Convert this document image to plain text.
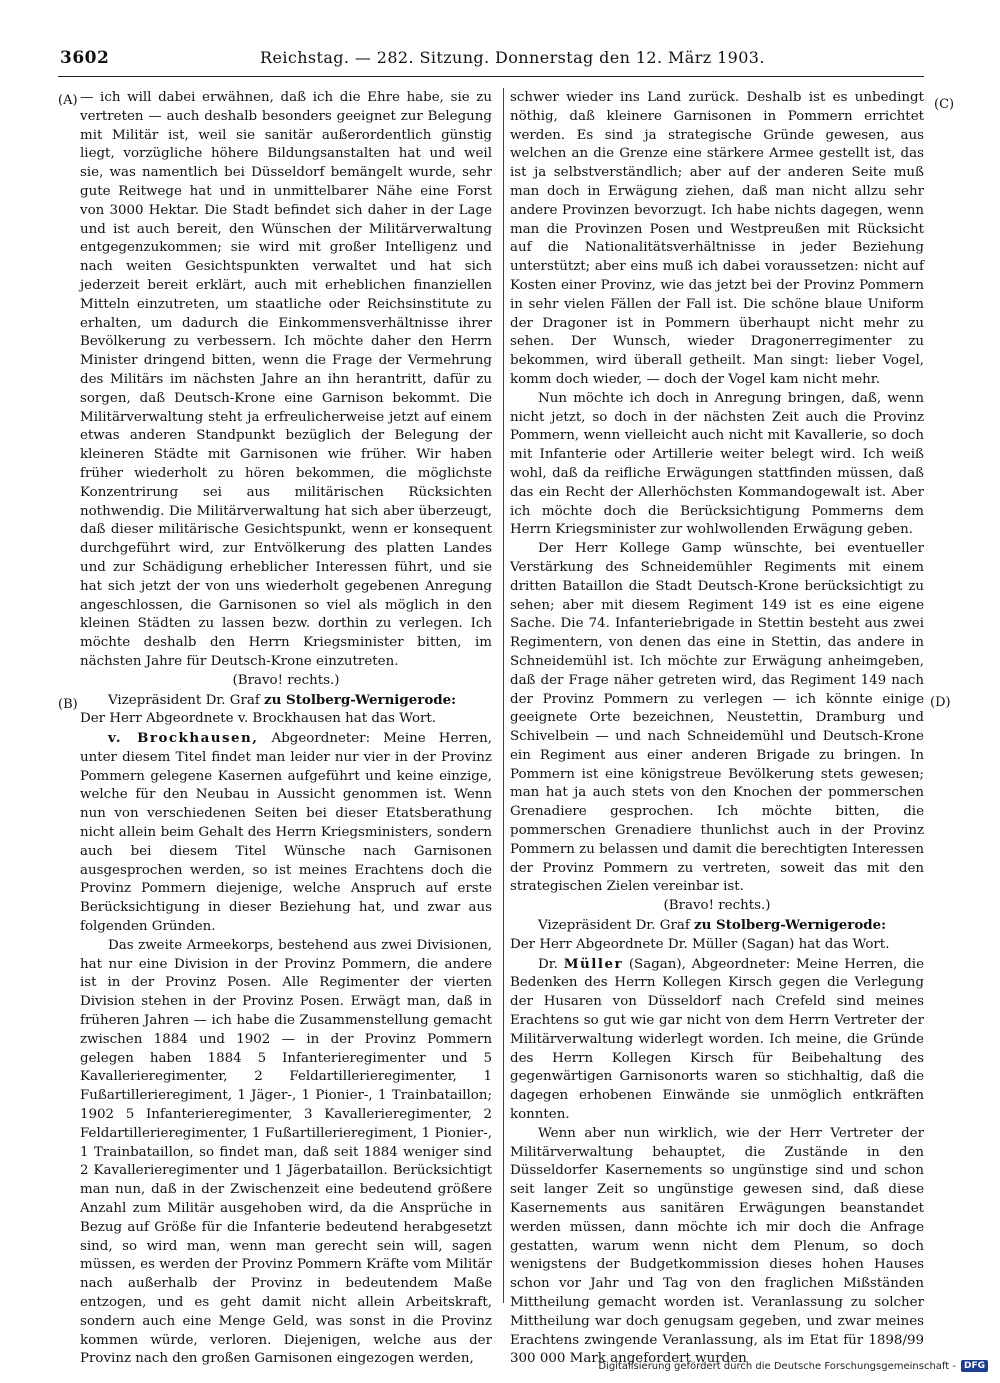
3602	Reichstag. — 282. Sitzung. Donnerstag den 12. März 1903.
(A)
(B)
(C)
(D)

— ich will dabei erwähnen, daß ich die Ehre habe, sie zu vertreten — auch deshalb besonders geeignet zur Belegung mit Militär ist, weil sie sanitär außerordentlich günstig liegt, vorzügliche höhere Bildungsanstalten hat und weil sie, was namentlich bei Düsseldorf bemängelt wurde, sehr gute Reitwege hat und in unmittelbarer Nähe eine Forst von 3000 Hektar. Die Stadt befindet sich daher in der Lage und ist auch bereit, den Wünschen der Militärverwaltung entgegenzukommen; sie wird mit großer Intelligenz und nach weiten Gesichtspunkten verwaltet und hat sich jederzeit bereit erklärt, auch mit erheblichen finanziellen Mitteln einzutreten, um staatliche oder Reichsinstitute zu erhalten, um dadurch die Einkommensverhältnisse ihrer Bevölkerung zu verbessern. Ich möchte daher den Herrn Minister dringend bitten, wenn die Frage der Vermehrung des Militärs im nächsten Jahre an ihn herantritt, dafür zu sorgen, daß Deutsch-Krone eine Garnison bekommt. Die Militärverwaltung steht ja erfreulicherweise jetzt auf einem etwas anderen Standpunkt bezüglich der Belegung der kleineren Städte mit Garnisonen wie früher. Wir haben früher wiederholt zu hören bekommen, die möglichste Konzentrirung sei aus militärischen Rücksichten nothwendig. Die Militärverwaltung hat sich aber überzeugt, daß dieser militärische Gesichtspunkt, wenn er konsequent durchgeführt wird, zur Entvölkerung des platten Landes und zur Schädigung erheblicher Interessen führt, und sie hat sich jetzt der von uns wiederholt gegebenen Anregung angeschlossen, die Garnisonen so viel als möglich in den kleinen Städten zu lassen bezw. dorthin zu verlegen. Ich möchte deshalb den Herrn Kriegsminister bitten, im nächsten Jahre für Deutsch-Krone einzutreten.

(Bravo! rechts.)

Vizepräsident Dr. Graf zu Stolberg-Wernigerode:

Der Herr Abgeordnete v. Brockhausen hat das Wort.

v. Brockhausen, Abgeordneter: Meine Herren, unter diesem Titel findet man leider nur vier in der Provinz Pommern gelegene Kasernen aufgeführt und keine einzige, welche für den Neubau in Aussicht genommen ist. Wenn nun von verschiedenen Seiten bei dieser Etatsberathung nicht allein beim Gehalt des Herrn Kriegsministers, sondern auch bei diesem Titel Wünsche nach Garnisonen ausgesprochen werden, so ist meines Erachtens doch die Provinz Pommern diejenige, welche Anspruch auf erste Berücksichtigung in dieser Beziehung hat, und zwar aus folgenden Gründen.

Das zweite Armeekorps, bestehend aus zwei Divisionen, hat nur eine Division in der Provinz Pommern, die andere ist in der Provinz Posen. Alle Regimenter der vierten Division stehen in der Provinz Posen. Erwägt man, daß in früheren Jahren — ich habe die Zusammenstellung gemacht zwischen 1884 und 1902 — in der Provinz Pommern gelegen haben 1884 5 Infanterieregimenter und 5 Kavallerieregimenter, 2 Feldartillerieregimenter, 1 Fußartillerieregiment, 1 Jäger-, 1 Pionier-, 1 Trainbataillon; 1902 5 Infanterieregimenter, 3 Kavallerieregimenter, 2 Feldartillerieregimenter, 1 Fußartillerieregiment, 1 Pionier-, 1 Trainbataillon, so findet man, daß seit 1884 weniger sind 2 Kavallerieregimenter und 1 Jägerbataillon. Berücksichtigt man nun, daß in der Zwischenzeit eine bedeutend größere Anzahl zum Militär ausgehoben wird, da die Ansprüche in Bezug auf Größe für die Infanterie bedeutend herabgesetzt sind, so wird man, wenn man gerecht sein will, sagen müssen, es werden der Provinz Pommern Kräfte vom Militär nach außerhalb der Provinz in bedeutendem Maße entzogen, und es geht damit nicht allein Arbeitskraft, sondern auch eine Menge Geld, was sonst in die Provinz kommen würde, verloren. Diejenigen, welche aus der Provinz nach den großen Garnisonen eingezogen werden,

schwer wieder ins Land zurück. Deshalb ist es unbedingt nöthig, daß kleinere Garnisonen in Pommern errichtet werden. Es sind ja strategische Gründe gewesen, aus welchen an die Grenze eine stärkere Armee gestellt ist, das ist ja selbstverständlich; aber auf der anderen Seite muß man doch in Erwägung ziehen, daß man nicht allzu sehr andere Provinzen bevorzugt. Ich habe nichts dagegen, wenn man die Provinzen Posen und Westpreußen mit Rücksicht auf die Nationalitätsverhältnisse in jeder Beziehung unterstützt; aber eins muß ich dabei voraussetzen: nicht auf Kosten einer Provinz, wie das jetzt bei der Provinz Pommern in sehr vielen Fällen der Fall ist. Die schöne blaue Uniform der Dragoner ist in Pommern überhaupt nicht mehr zu sehen. Der Wunsch, wieder Dragonerregimenter zu bekommen, wird überall getheilt. Man singt: lieber Vogel, komm doch wieder, — doch der Vogel kam nicht mehr.

Nun möchte ich doch in Anregung bringen, daß, wenn nicht jetzt, so doch in der nächsten Zeit auch die Provinz Pommern, wenn vielleicht auch nicht mit Kavallerie, so doch mit Infanterie oder Artillerie weiter belegt wird. Ich weiß wohl, daß da reifliche Erwägungen stattfinden müssen, daß das ein Recht der Allerhöchsten Kommandogewalt ist. Aber ich möchte doch die Berücksichtigung Pommerns dem Herrn Kriegsminister zur wohlwollenden Erwägung geben.

Der Herr Kollege Gamp wünschte, bei eventueller Verstärkung des Schneidemühler Regiments mit einem dritten Bataillon die Stadt Deutsch-Krone berücksichtigt zu sehen; aber mit diesem Regiment 149 ist es eine eigene Sache. Die 74. Infanteriebrigade in Stettin besteht aus zwei Regimentern, von denen das eine in Stettin, das andere in Schneidemühl ist. Ich möchte zur Erwägung anheimgeben, daß der Frage näher getreten wird, das Regiment 149 nach der Provinz Pommern zu verlegen — ich könnte einige geeignete Orte bezeichnen, Neustettin, Dramburg und Schivelbein — und nach Schneidemühl und Deutsch-Krone ein Regiment aus einer anderen Brigade zu bringen. In Pommern ist eine königstreue Bevölkerung stets gewesen; man hat ja auch stets von den Knochen der pommerschen Grenadiere gesprochen. Ich möchte bitten, die pommerschen Grenadiere thunlichst auch in der Provinz Pommern zu belassen und damit die berechtigten Interessen der Provinz Pommern zu vertreten, soweit das mit den strategischen Zielen vereinbar ist.

(Bravo! rechts.)

Vizepräsident Dr. Graf zu Stolberg-Wernigerode:

Der Herr Abgeordnete Dr. Müller (Sagan) hat das Wort.

Dr. Müller (Sagan), Abgeordneter: Meine Herren, die Bedenken des Herrn Kollegen Kirsch gegen die Verlegung der Husaren von Düsseldorf nach Crefeld sind meines Erachtens so gut wie gar nicht von dem Herrn Vertreter der Militärverwaltung widerlegt worden. Ich meine, die Gründe des Herrn Kollegen Kirsch für Beibehaltung des gegenwärtigen Garnisonorts waren so stichhaltig, daß die dagegen erhobenen Einwände sie unmöglich entkräften konnten.

Wenn aber nun wirklich, wie der Herr Vertreter der Militärverwaltung behauptet, die Zustände in den Düsseldorfer Kasernements so ungünstige sind und schon seit langer Zeit so ungünstige gewesen sind, daß diese Kasernements aus sanitären Erwägungen beanstandet werden müssen, dann möchte ich mir doch die Anfrage gestatten, warum wenn nicht dem Plenum, so doch wenigstens der Budgetkommission dieses hohen Hauses schon vor Jahr und Tag von den fraglichen Mißständen Mittheilung gemacht worden ist. Veranlassung zu solcher Mittheilung war doch genugsam gegeben, und zwar meines Erachtens zwingende Veranlassung, als im Etat für 1898/99 300 000 Mark angefordert wurden

Digitalisierung gefördert durch die Deutsche Forschungsgemeinschaft - DFG
